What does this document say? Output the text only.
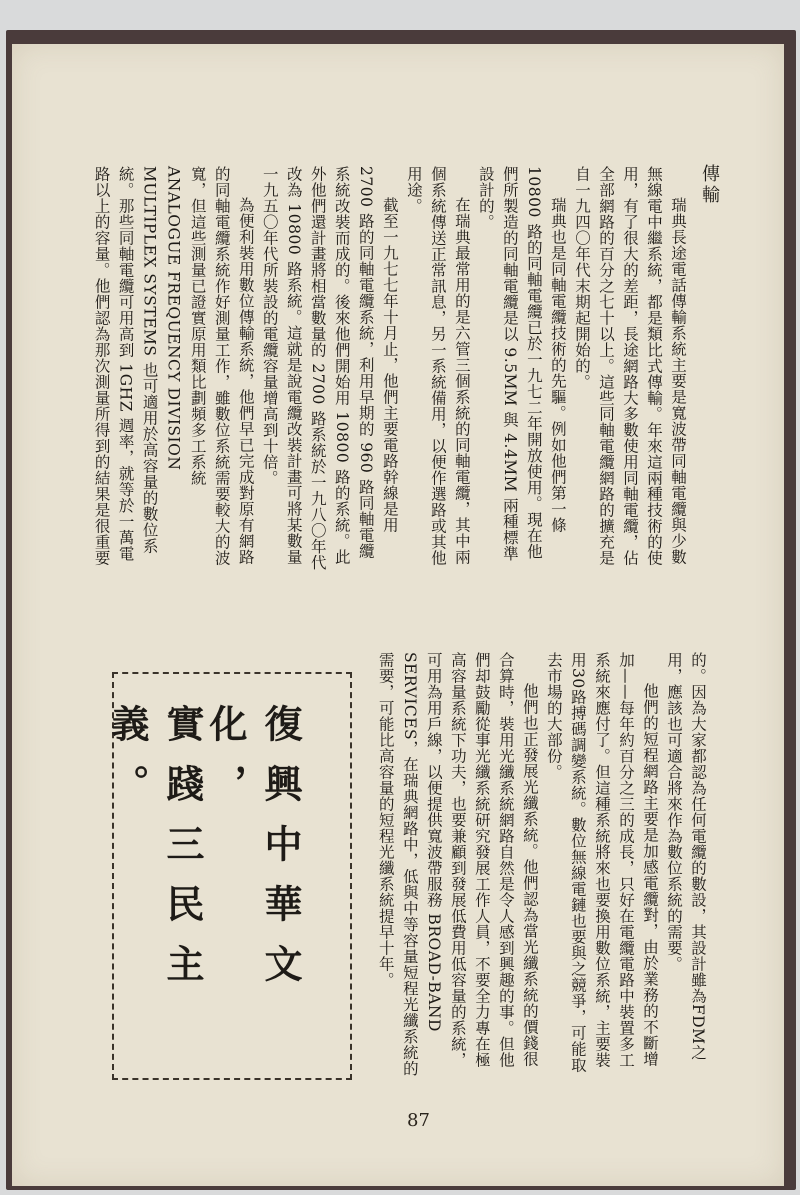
傳輸

瑞典長途電話傳輸系統主要是寬波帶同軸電纜與少數無線電中繼系統，都是類比式傳輸。年來這兩種技術的使用，有了很大的差距，長途網路大多數使用同軸電纜，佔全部網路的百分之七十以上。這些同軸電纜網路的擴充是自一九四〇年代末期起開始的。

瑞典也是同軸電纜技術的先驅。例如他們第一條 10800 路的同軸電纜已於一九七二年開放使用。現在他們所製造的同軸電纜是以 9.5MM 與 4.4MM 兩種標準設計的。

在瑞典最常用的是六管三個系統的同軸電纜，其中兩個系統傳送正常訊息，另一系統備用，以便作選路或其他用途。

截至一九七七年十月止，他們主要電路幹線是用 2700 路的同軸電纜系統，利用早期的 960 路同軸電纜系統改裝而成的。後來他們開始用 10800 路的系統。此外他們還計畫將相當數量的 2700 路系統於一九八〇年代改為 10800 路系統。這就是說電纜改裝計畫可將某數量一九五〇年代所裝設的電纜容量增高到十倍。

為便利裝用數位傳輸系統，他們早已完成對原有網路的同軸電纜系統作好測量工作，雖數位系統需要較大的波寬，但這些測量已證實原用類比劃頻多工系統 ANALOGUE FREQUENCY DIVISION MULTIPLEX SYSTEMS 也可適用於高容量的數位系統。那些同軸電纜可用高到 1GHZ 週率，就等於一萬電路以上的容量。他們認為那次測量所得到的結果是很重要

的。因為大家都認為任何電纜的數設，其設計雖為FDM之用，應該也可適合將來作為數位系統的需要。

他們的短程網路主要是加感電纜對，由於業務的不斷增加——每年約百分之三的成長，只好在電纜電路中裝置多工系統來應付了。但這種系統將來也要換用數位系統，主要裝用30路搏碼調變系統。數位無線電鏈也要與之競爭，可能取去市場的大部份。

他們也正發展光纖系統。他們認為當光纖系統的價錢很合算時，裝用光纖系統網路自然是令人感到興趣的事。但他們却鼓勵從事光纖系統研究發展工作人員，不要全力專在極高容量系統下功夫，也要兼顧到發展低費用低容量的系統，可用為用戶線，以便提供寬波帶服務 BROAD-BAND SERVICES，在瑞典網路中，低與中等容量短程光纖系統的需要，可能比高容量的短程光纖系統提早十年。

復興中華文化，
實踐三民主義。
87
